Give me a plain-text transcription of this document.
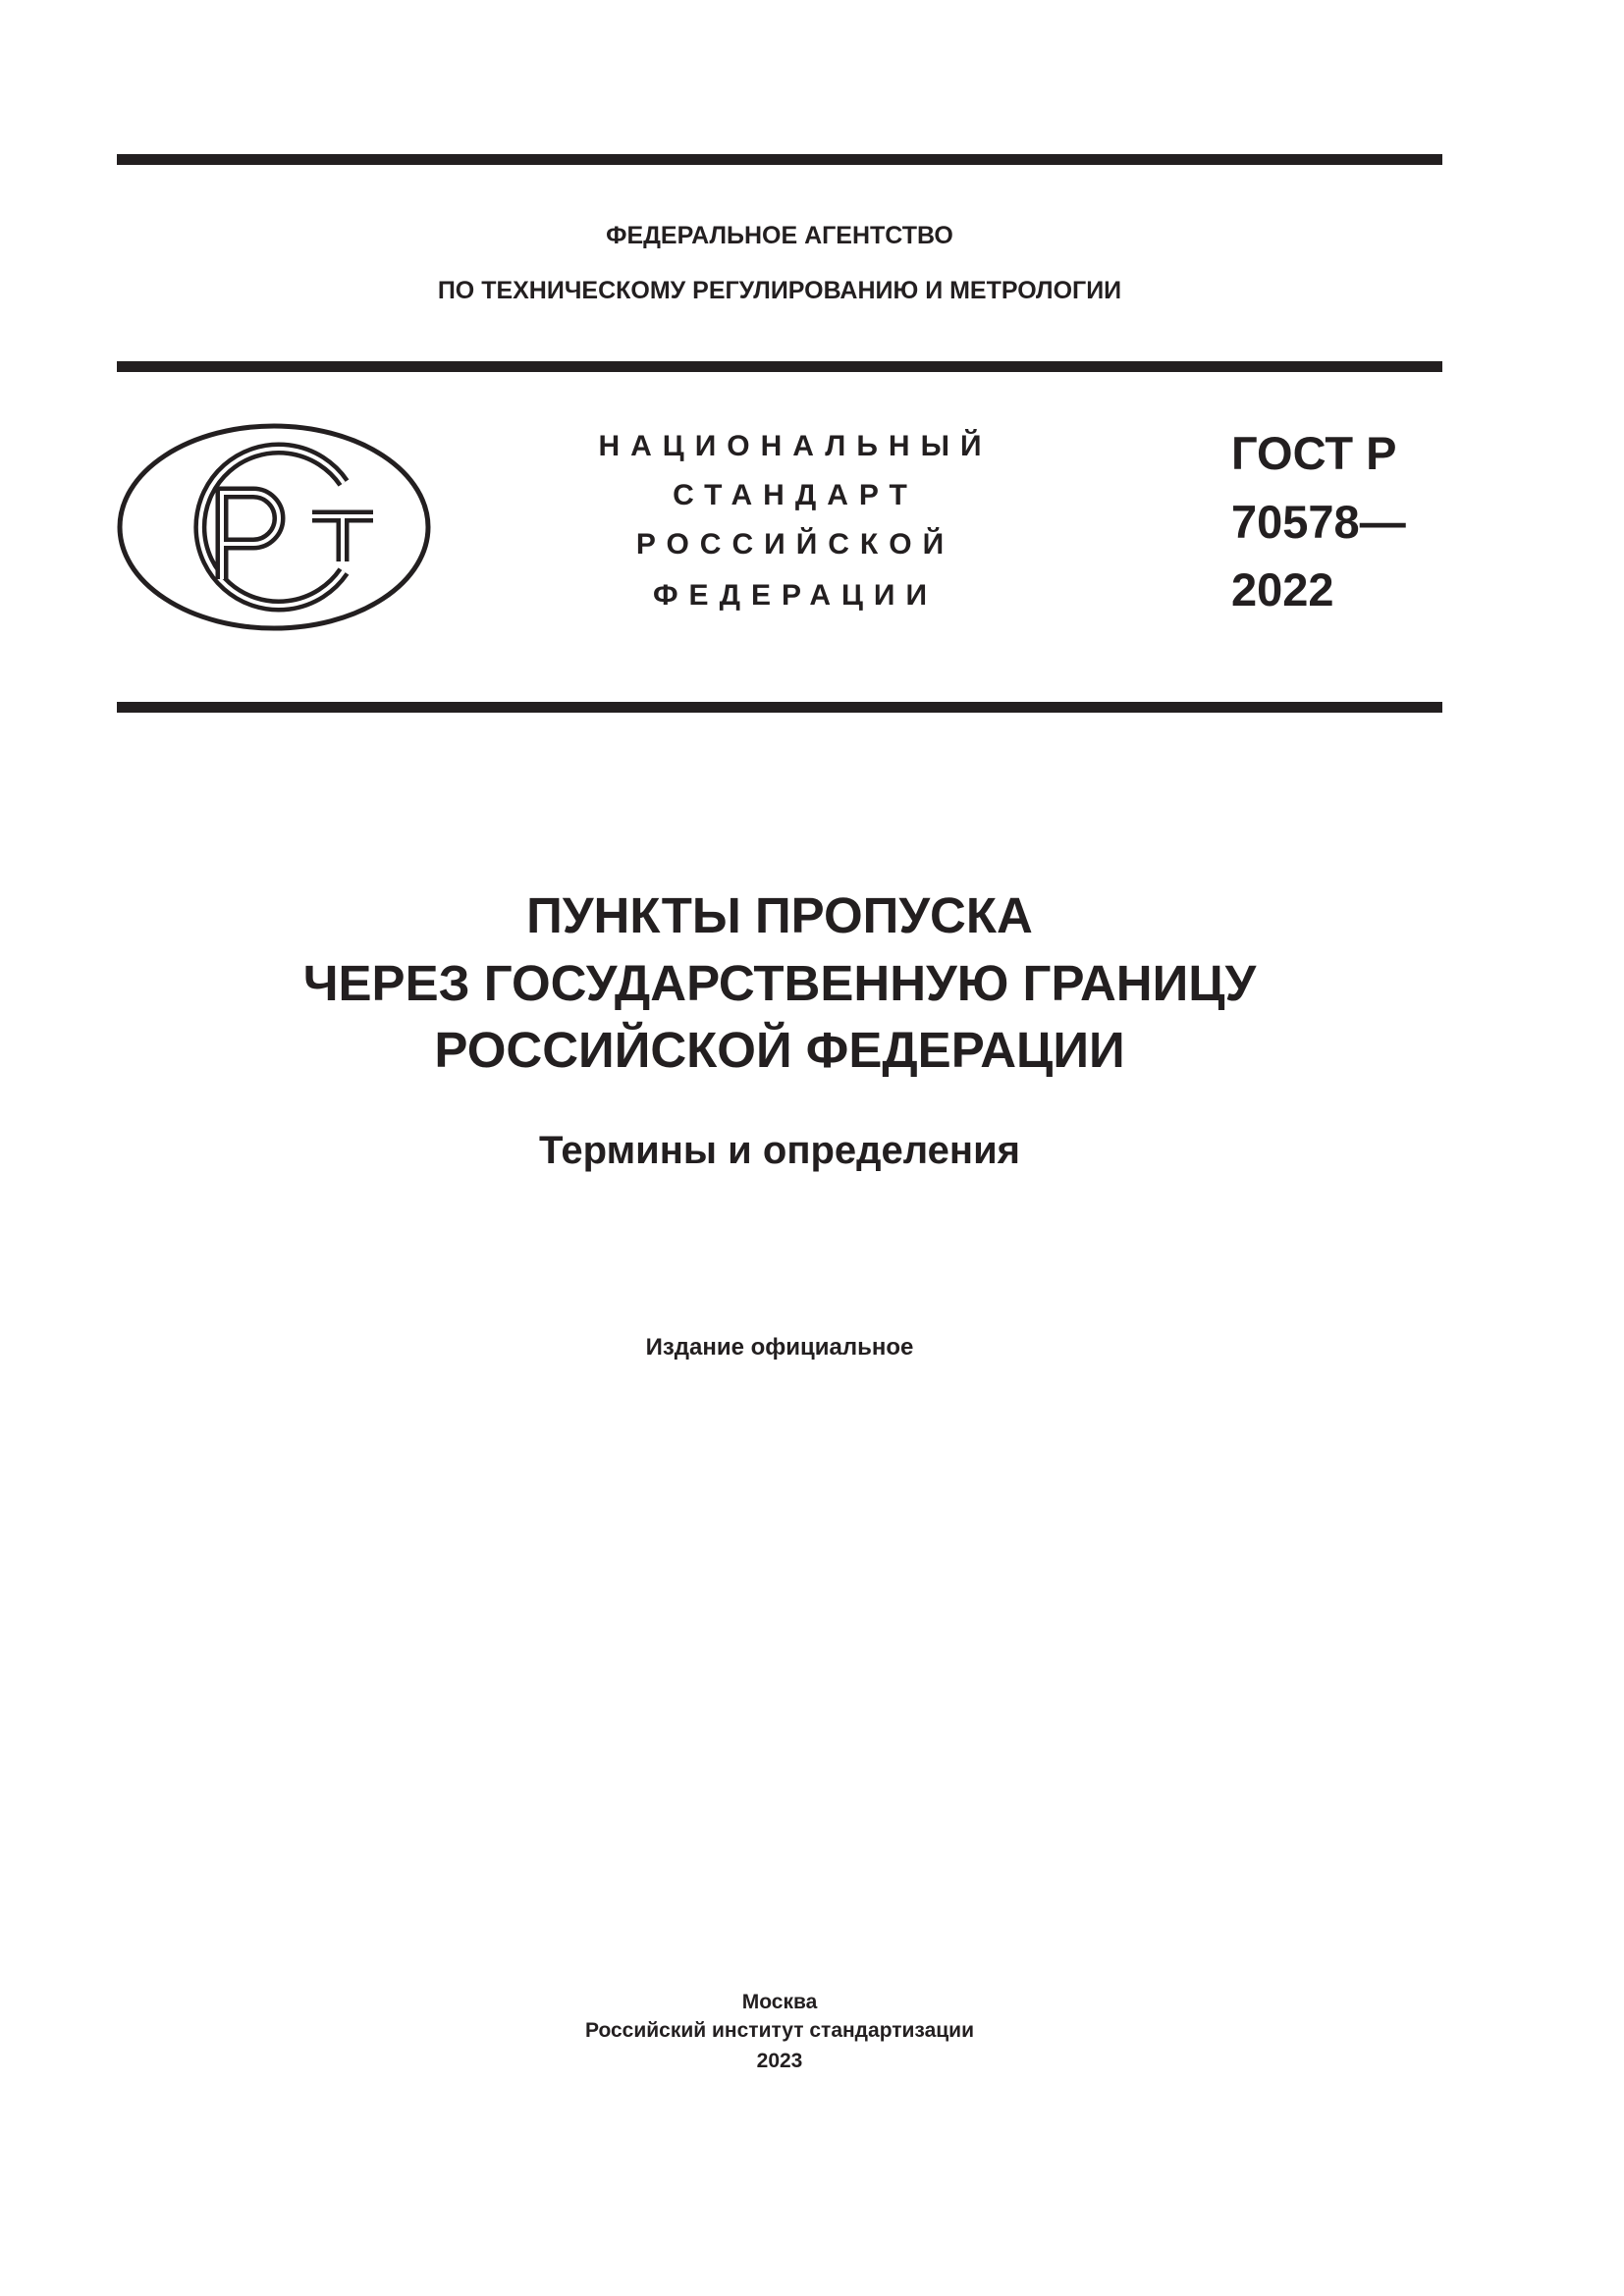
ФЕДЕРАЛЬНОЕ АГЕНТСТВО
ПО ТЕХНИЧЕСКОМУ РЕГУЛИРОВАНИЮ И МЕТРОЛОГИИ
НАЦИОНАЛЬНЫЙ
СТАНДАРТ
РОССИЙСКОЙ
ФЕДЕРАЦИИ
ГОСТ Р
70578—
2022
ПУНКТЫ ПРОПУСКА
ЧЕРЕЗ ГОСУДАРСТВЕННУЮ ГРАНИЦУ
РОССИЙСКОЙ ФЕДЕРАЦИИ
Термины и определения
Издание официальное
Москва
Российский институт стандартизации
2023
